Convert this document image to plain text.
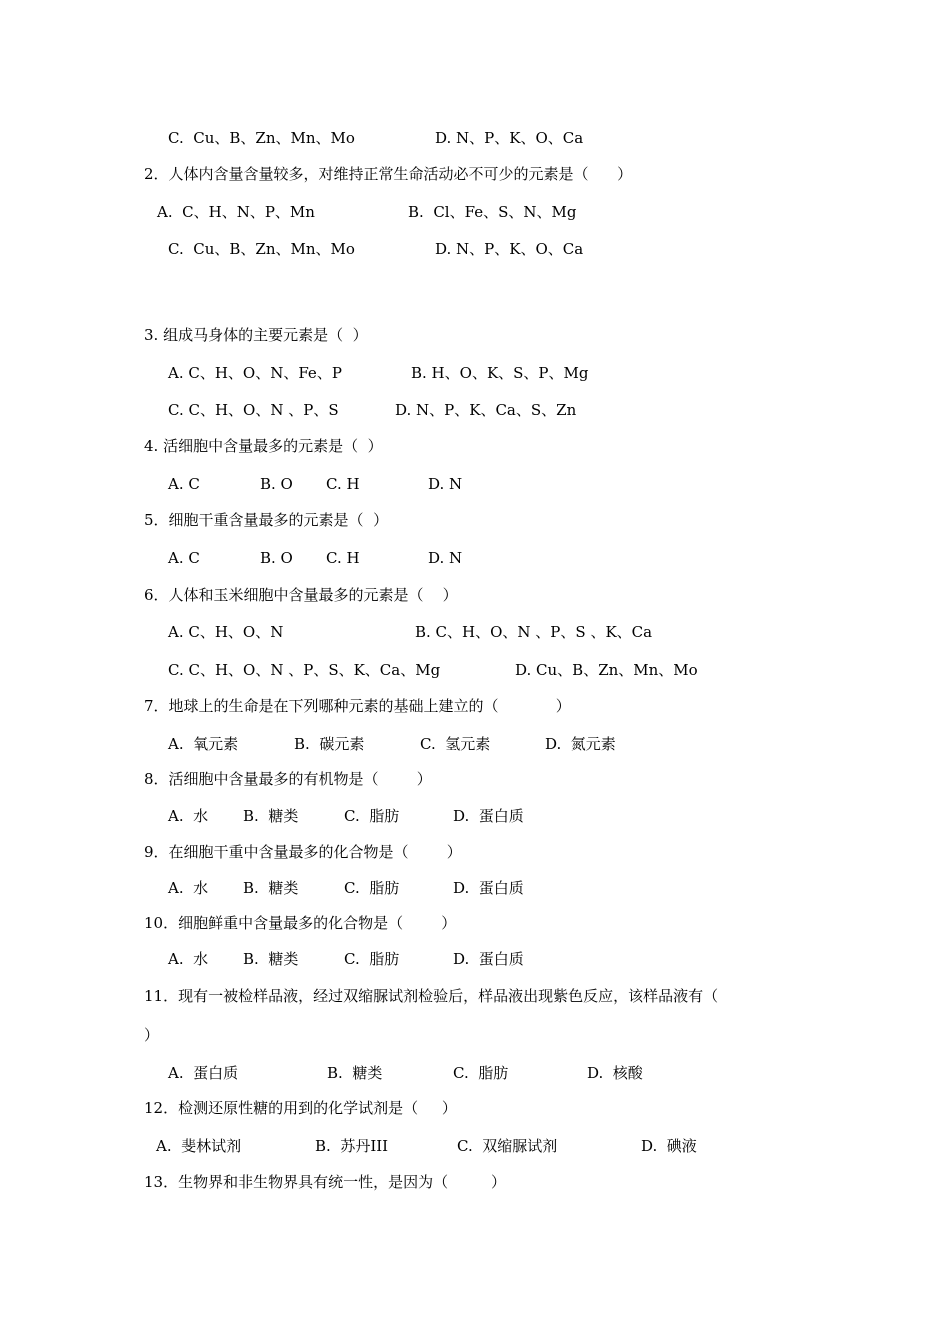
C.  Cu、B、Zn、Mn、Mo	D. N、P、K、O、Ca
2．人体内含量含量较多，对维持正常生命活动必不可少的元素是（      ）
A.  C、H、N、P、Mn	B.  Cl、Fe、S、N、Mg
C.  Cu、B、Zn、Mn、Mo	D. N、P、K、O、Ca
3. 组成马身体的主要元素是（  ）
A. C、H、O、N、Fe、P	B. H、O、K、S、P、Mg
C. C、H、O、N 、P、S	D. N、P、K、Ca、S、Zn
4. 活细胞中含量最多的元素是（  ）
A. C	B. O C. H	D. N
5．细胞干重含量最多的元素是（  ）
A. C	B. O C. H	D. N
6．人体和玉米细胞中含量最多的元素是（    ）
A. C、H、O、N	B. C、H、O、N 、P、S 、K、Ca
C. C、H、O、N 、P、S、K、Ca、Mg	D. Cu、B、Zn、Mn、Mo
7．地球上的生命是在下列哪种元素的基础上建立的（            ）
A.  氧元素	B.  碳元素	C.  氢元素	D.  氮元素
8．活细胞中含量最多的有机物是（        ）
A.  水 B.  糖类	C.  脂肪	D.  蛋白质
9．在细胞干重中含量最多的化合物是（        ）
A.  水 B.  糖类	C.  脂肪	D.  蛋白质
10．细胞鲜重中含量最多的化合物是（        ）
A.  水 B.  糖类	C.  脂肪	D.  蛋白质
11．现有一被检样品液，经过双缩脲试剂检验后，样品液出现紫色反应，该样品液有（
）
A.  蛋白质	B.  糖类	C.  脂肪	D.  核酸
12．检测还原性糖的用到的化学试剂是（     ）
A.  斐林试剂	B.  苏丹III	C.  双缩脲试剂	D.  碘液
13．生物界和非生物界具有统一性，是因为（         ）
